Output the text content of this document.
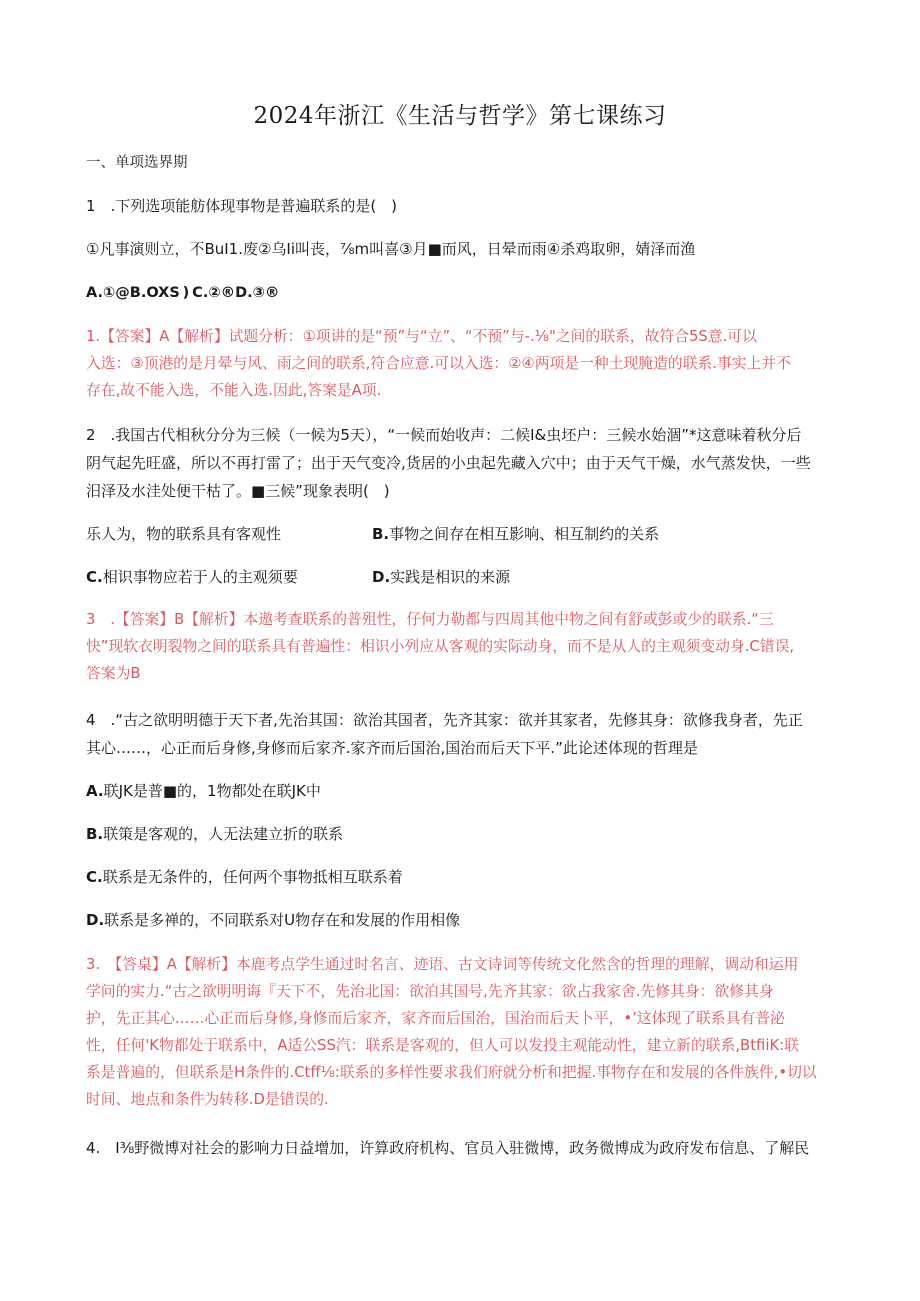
2024年浙江《生活与哲学》第七课练习
一、单项选界期
1　.下列选项能舫体现事物是普遍联系的是(　)
①凡事演则立，不BuI1.废②乌Ii叫丧，⅞m叫喜③月■而风，日晕而雨④杀鸡取卵，婧泽而渔
A.①@B.OXS ) C.②®D.③®
1.【答案】A【解析】试题分析：①项讲的是“预”与“立”、“不预”与-.⅛"之间的联系，故符合5S意.可以
入选：③顶港的是月晕与风、雨之间的联系,符合应意.可以入选：②④两项是一种土现腌造的联系.事实上并不
存在,故不能入选，不能入选.因此,答案是A项.
2　.我国古代相秋分分为三候（一候为5天），“一候而始收声：二候I&虫坯户：三候水始涸”*这意味着秋分后
阴气起先旺盛，所以不再打雷了；出于天气变冷,货居的小虫起先藏入穴中；由于天气干燥，水气蒸发快，一些
汨泽及水洼处便干枯了。■三候”现象表明(　)
乐人为，物的联系具有客观性	B.事物之间存在相互影响、相互制约的关系
C.相识事物应若于人的主观须要	D.实践是相识的来源
3　.【答案】B【解析】本遨考查联系的普殂性，仔何力勒都与四周其他中物之间有舒或彭或少的联系.“三
快”现软衣明裂物之间的联系具有普遍性：相识小列应从客观的实际动身，而不是从人的主观须变动身.C错误,
答案为B
4　.“古之欲明明德于天下者,先治其国：欲治其国者，先齐其家：欲并其家者，先修其身：欲修我身者，先正
其心……，心正而后身修,身修而后家齐.家齐而后国治,国治而后天下平.”此论述体现的哲理是
A.联JK是普■的，1物都处在联JK中
B.联策是客观的，人无法建立折的联系
C.联系是无条件的，任何两个事物抵相互联系着
D.联系是多禅的，不同联系对U物存在和发展的作用相像
3.　【答桌】A【解析】本鹿考点学生通过时名言、迹语、古文诗词等传统文化然含的哲理的理解，调动和运用
学问的实力.“古之欲明明诲『天下不，先治北国：欲泊其国号,先齐其家：欲占我家舍.先修其身：欲修其身
护，先正其心……心正而后身修,身修而后家齐，家齐而后国治，国治而后天卜平，•’这体现了联系具有普泌
性，任何'K物都处于联系中，A适公SS汽：联系是客观的，但人可以发投主观能动性，建立新的联系,BtfiiK:联
系是普遍的，但联系是H条件的.Ctff⅛:联系的多样性要求我们府就分析和把握.事物存在和发展的各件族件,•切以
时间、地点和条件为转移.D是错误的.
4.　I⅜野微博对社会的影响力日益增加，许算政府机构、官员入驻微博，政务微博成为政府发布信息、了解民
